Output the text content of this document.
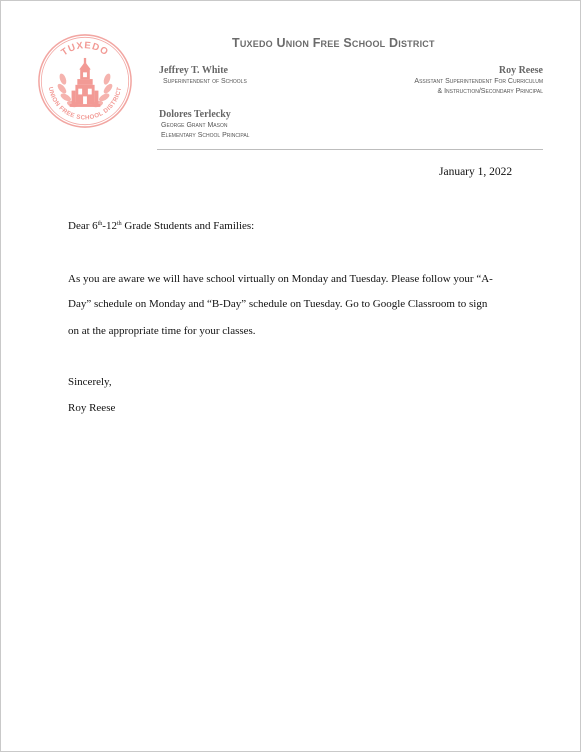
TUXEDO
UNION FREE SCHOOL DISTRICT
Tuxedo Union Free School District
Jeffrey T. White
Superintendent of Schools
Roy Reese
Assistant Superintendent For Curriculum
& Instruction/Secondary Principal
Dolores Terlecky
George Grant Mason
Elementary School Principal
January 1, 2022
Dear 6th-12th Grade Students and Families:
As you are aware we will have school virtually on Monday and Tuesday. Please follow your “A-
Day” schedule on Monday and “B-Day” schedule on Tuesday. Go to Google Classroom to sign
on at the appropriate time for your classes.
Sincerely,
Roy Reese
